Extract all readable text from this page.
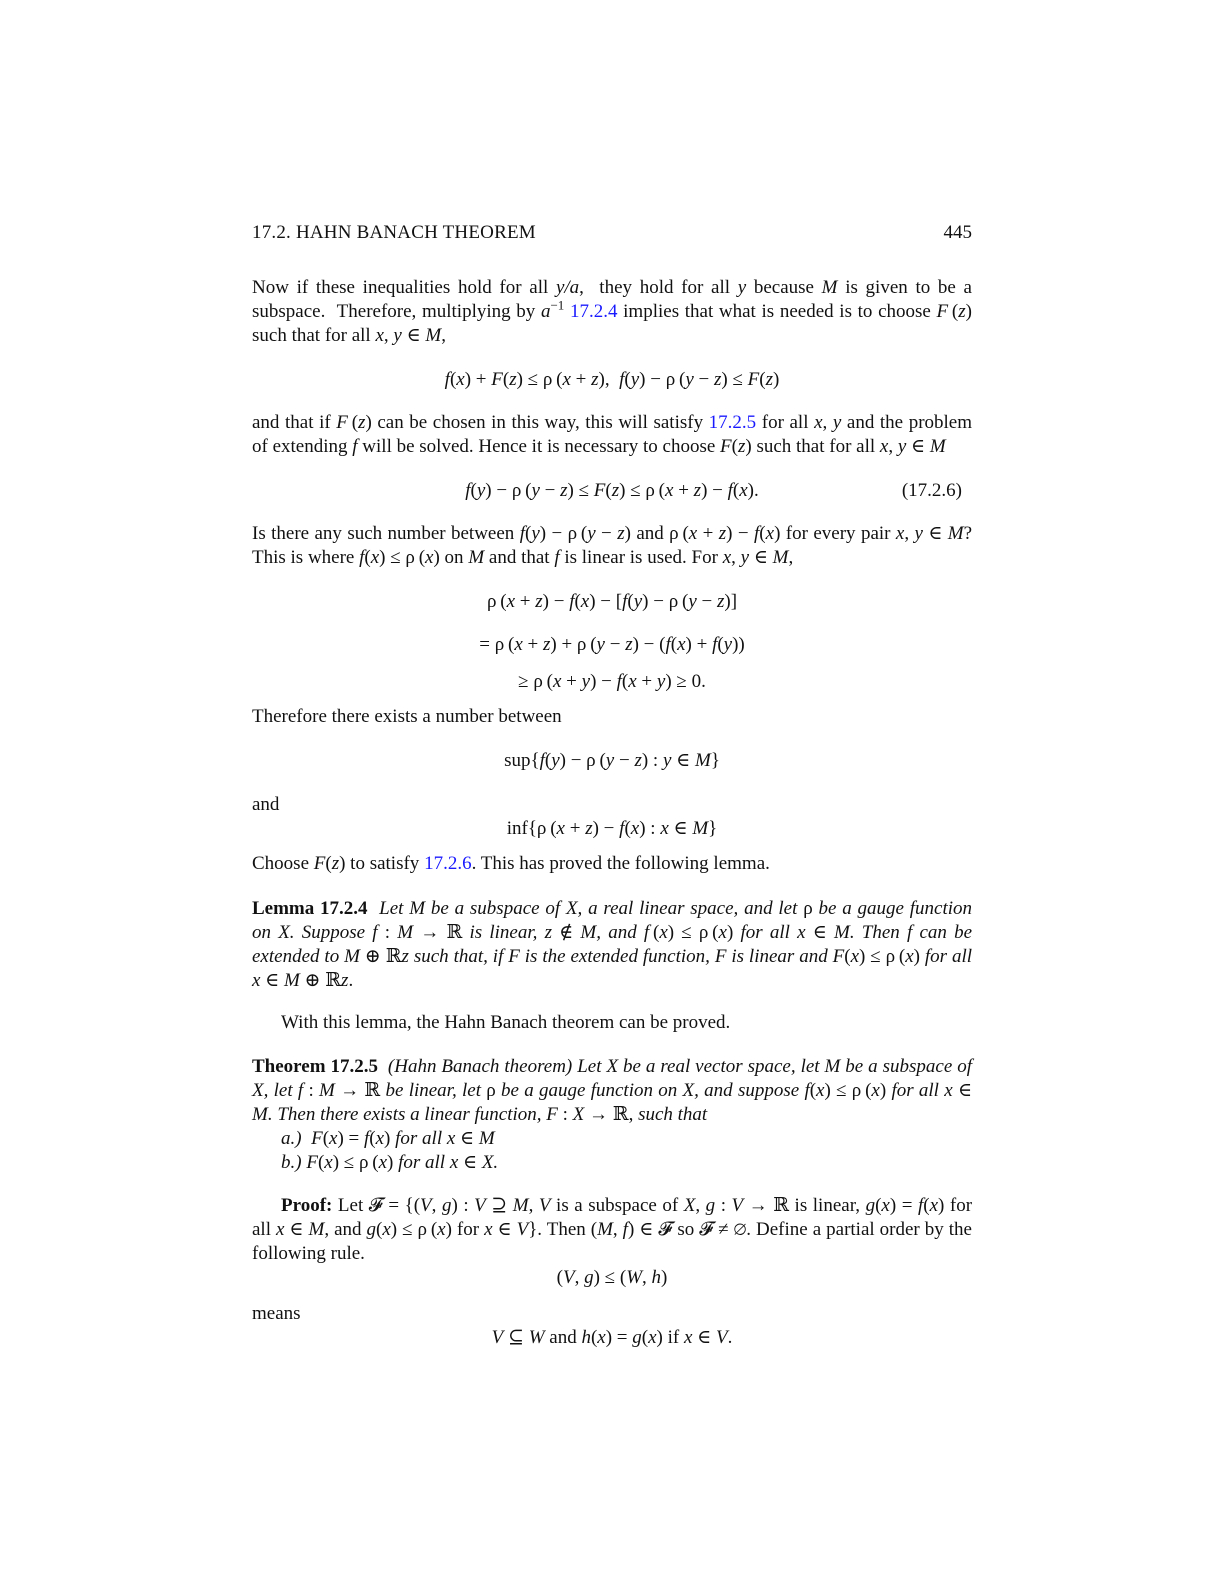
17.2. HAHN BANACH THEOREM	445

Now if these inequalities hold for all y/a,  they hold for all y because M is given to be a subspace.  Therefore, multiplying by $a^{-1}$ 17.2.4 implies that what is needed is to choose F (z) such that for all x, y ∈ M,

f(x) + F(z) ≤ ρ (x + z),  f(y) − ρ (y − z) ≤ F(z)

and that if F (z) can be chosen in this way, this will satisfy 17.2.5 for all x, y and the problem of extending f will be solved. Hence it is necessary to choose F(z) such that for all x, y ∈ M

f(y) − ρ (y − z) ≤ F(z) ≤ ρ (x + z) − f(x).	(17.2.6)

Is there any such number between f(y) − ρ (y − z) and ρ (x + z) − f(x) for every pair x, y ∈ M? This is where f(x) ≤ ρ (x) on M and that f is linear is used. For x, y ∈ M,

ρ (x + z) − f(x) − [f(y) − ρ (y − z)]
= ρ (x + z) + ρ (y − z) − (f(x) + f(y))
≥ ρ (x + y) − f(x + y) ≥ 0.

Therefore there exists a number between

sup{f(y) − ρ (y − z) : y ∈ M}

and

inf{ρ (x + z) − f(x) : x ∈ M}

Choose F(z) to satisfy 17.2.6. This has proved the following lemma.

Lemma 17.2.4 Let M be a subspace of X, a real linear space, and let ρ be a gauge function on X. Suppose f : M → ℝ is linear, z ∉ M, and f (x) ≤ ρ (x) for all x ∈ M. Then f can be extended to M ⊕ ℝz such that, if F is the extended function, F is linear and F(x) ≤ ρ (x) for all x ∈ M ⊕ ℝz.

With this lemma, the Hahn Banach theorem can be proved.

Theorem 17.2.5 (Hahn Banach theorem) Let X be a real vector space, let M be a subspace of X, let f : M → ℝ be linear, let ρ be a gauge function on X, and suppose f(x) ≤ ρ (x) for all x ∈ M. Then there exists a linear function, F : X → ℝ, such that

a.)  F(x) = f(x) for all x ∈ M

b.) F(x) ≤ ρ (x) for all x ∈ X.

Proof: Let 𝓕 = {(V, g) : V ⊇ M, V is a subspace of X, g : V → ℝ is linear, g(x) = f(x) for all x ∈ M, and g(x) ≤ ρ (x) for x ∈ V}. Then (M, f) ∈ 𝓕 so 𝓕 ≠ ∅. Define a partial order by the following rule.

(V, g) ≤ (W, h)

means

V ⊆ W and h(x) = g(x) if x ∈ V.
